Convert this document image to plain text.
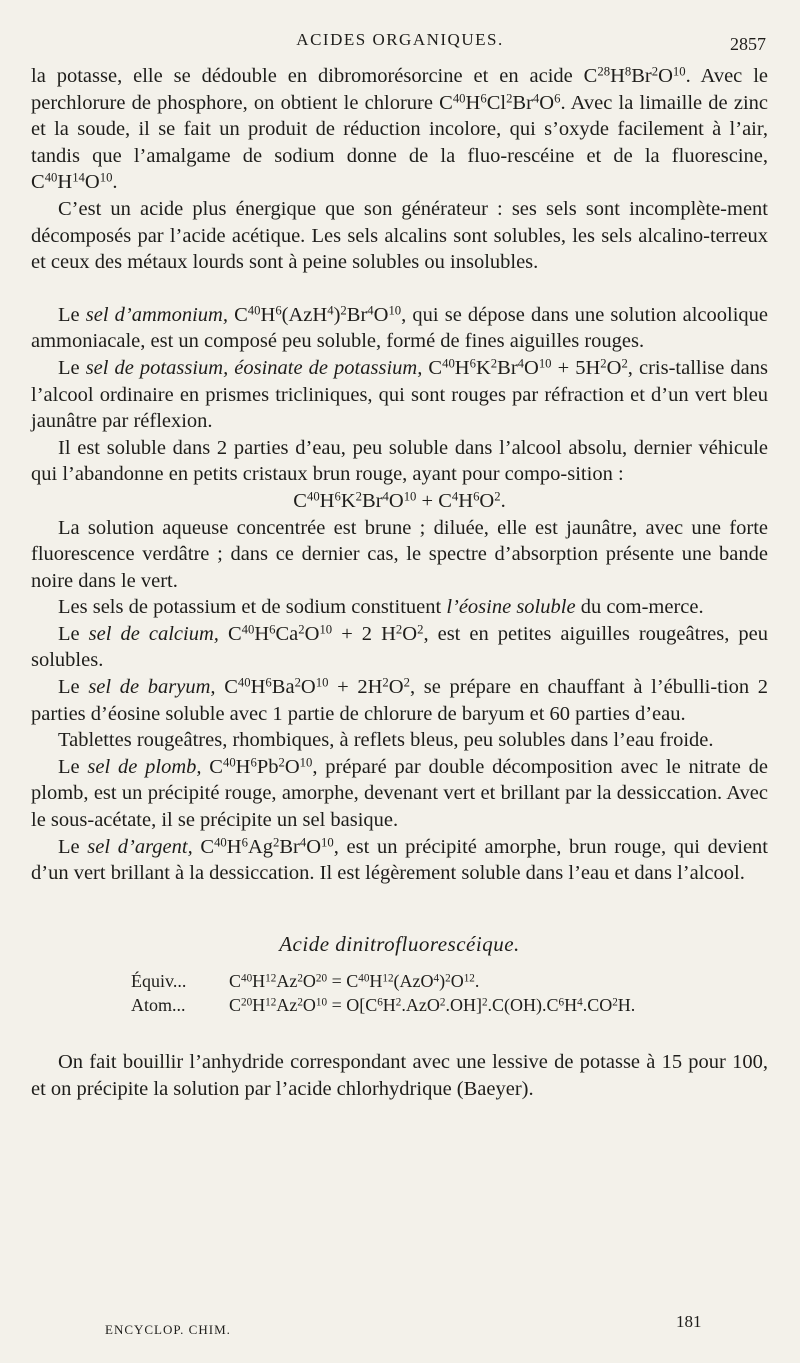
ACIDES ORGANIQUES.	2857

la potasse, elle se dédouble en dibromorésorcine et en acide $C^{28}H^8Br^2O^{10}$. Avec le perchlorure de phosphore, on obtient le chlorure $C^{40}H^6Cl^2Br^4O^6$. Avec la limaille de zinc et la soude, il se fait un produit de réduction incolore, qui s’oxyde facilement à l’air, tandis que l’amalgame de sodium donne de la fluo-rescéine et de la fluorescine, $C^{40}H^{14}O^{10}$.

C’est un acide plus énergique que son générateur : ses sels sont incomplète-ment décomposés par l’acide acétique. Les sels alcalins sont solubles, les sels alcalino-terreux et ceux des métaux lourds sont à peine solubles ou insolubles.

Le sel d’ammonium, $C^{40}H^6(AzH^4)^2Br^4O^{10}$, qui se dépose dans une solution alcoolique ammoniacale, est un composé peu soluble, formé de fines aiguilles rouges.

Le sel de potassium, éosinate de potassium, $C^{40}H^6K^2Br^4O^{10} + 5H^2O^2$, cris-tallise dans l’alcool ordinaire en prismes tricliniques, qui sont rouges par réfraction et d’un vert bleu jaunâtre par réflexion.

Il est soluble dans 2 parties d’eau, peu soluble dans l’alcool absolu, dernier véhicule qui l’abandonne en petits cristaux brun rouge, ayant pour compo-sition :

$C^{40}H^6K^2Br^4O^{10} + C^4H^6O^2$.

La solution aqueuse concentrée est brune ; diluée, elle est jaunâtre, avec une forte fluorescence verdâtre ; dans ce dernier cas, le spectre d’absorption présente une bande noire dans le vert.

Les sels de potassium et de sodium constituent l’éosine soluble du com-merce.

Le sel de calcium, $C^{40}H^6Ca^2O^{10} + 2$ $H^2O^2$, est en petites aiguilles rougeâtres, peu solubles.

Le sel de baryum, $C^{40}H^6Ba^2O^{10} + 2H^2O^2$, se prépare en chauffant à l’ébulli-tion 2 parties d’éosine soluble avec 1 partie de chlorure de baryum et 60 parties d’eau.

Tablettes rougeâtres, rhombiques, à reflets bleus, peu solubles dans l’eau froide.

Le sel de plomb, $C^{40}H^6Pb^2O^{10}$, préparé par double décomposition avec le nitrate de plomb, est un précipité rouge, amorphe, devenant vert et brillant par la dessiccation. Avec le sous-acétate, il se précipite un sel basique.

Le sel d’argent, $C^{40}H^6Ag^2Br^4O^{10}$, est un précipité amorphe, brun rouge, qui devient d’un vert brillant à la dessiccation. Il est légèrement soluble dans l’eau et dans l’alcool.

Acide dinitrofluorescéique.

Équiv... $C^{40}H^{12}Az^2O^{20} = C^{40}H^{12}(AzO^4)^2O^{12}$.
Atom... $C^{20}H^{12}Az^2O^{10} = O[C^6H^2.AzO^2.OH]^2.C(OH).C^6H^4.CO^2H$.

On fait bouillir l’anhydride correspondant avec une lessive de potasse à 15 pour 100, et on précipite la solution par l’acide chlorhydrique (Baeyer).

ENCYCLOP. CHIM.	181
